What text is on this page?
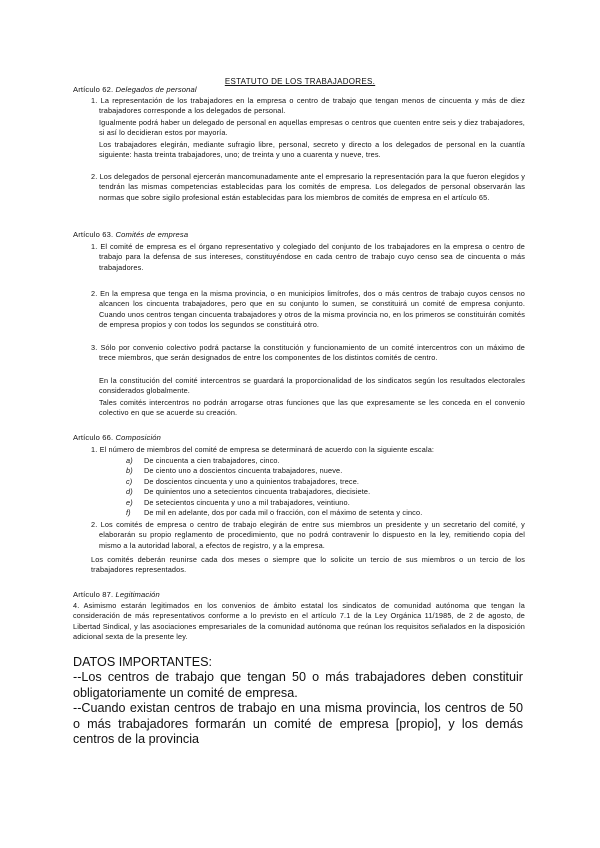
ESTATUTO DE LOS TRABAJADORES.
Artículo 62. Delegados de personal

1. La representación de los trabajadores en la empresa o centro de trabajo que tengan menos de cincuenta y más de diez trabajadores corresponde a los delegados de personal.

Igualmente podrá haber un delegado de personal en aquellas empresas o centros que cuenten entre seis y diez trabajadores, si así lo decidieran estos por mayoría.

Los trabajadores elegirán, mediante sufragio libre, personal, secreto y directo a los delegados de personal en la cuantía siguiente: hasta treinta trabajadores, uno; de treinta y uno a cuarenta y nueve, tres.

2. Los delegados de personal ejercerán mancomunadamente ante el empresario la representación para la que fueron elegidos y tendrán las mismas competencias establecidas para los comités de empresa. Los delegados de personal observarán las normas que sobre sigilo profesional están establecidas para los miembros de comités de empresa en el artículo 65.

Artículo 63. Comités de empresa

1. El comité de empresa es el órgano representativo y colegiado del conjunto de los trabajadores en la empresa o centro de trabajo para la defensa de sus intereses, constituyéndose en cada centro de trabajo cuyo censo sea de cincuenta o más trabajadores.

2. En la empresa que tenga en la misma provincia, o en municipios limítrofes, dos o más centros de trabajo cuyos censos no alcancen los cincuenta trabajadores, pero que en su conjunto lo sumen, se constituirá un comité de empresa conjunto. Cuando unos centros tengan cincuenta trabajadores y otros de la misma provincia no, en los primeros se constituirán comités de empresa propios y con todos los segundos se constituirá otro.

3. Sólo por convenio colectivo podrá pactarse la constitución y funcionamiento de un comité intercentros con un máximo de trece miembros, que serán designados de entre los componentes de los distintos comités de centro.

En la constitución del comité intercentros se guardará la proporcionalidad de los sindicatos según los resultados electorales considerados globalmente.

Tales comités intercentros no podrán arrogarse otras funciones que las que expresamente se les conceda en el convenio colectivo en que se acuerde su creación.

Artículo 66. Composición

1. El número de miembros del comité de empresa se determinará de acuerdo con la siguiente escala:

a)	De cincuenta a cien trabajadores, cinco.
b)	De ciento uno a doscientos cincuenta trabajadores, nueve.
c)	De doscientos cincuenta y uno a quinientos trabajadores, trece.
d)	De quinientos uno a setecientos cincuenta trabajadores, diecisiete.
e)	De setecientos cincuenta y uno a mil trabajadores, veintiuno.
f)	De mil en adelante, dos por cada mil o fracción, con el máximo de setenta y cinco.

2. Los comités de empresa o centro de trabajo elegirán de entre sus miembros un presidente y un secretario del comité, y elaborarán su propio reglamento de procedimiento, que no podrá contravenir lo dispuesto en la ley, remitiendo copia del mismo a la autoridad laboral, a efectos de registro, y a la empresa.

Los comités deberán reunirse cada dos meses o siempre que lo solicite un tercio de sus miembros o un tercio de los trabajadores representados.

Artículo 87. Legitimación

4. Asimismo estarán legitimados en los convenios de ámbito estatal los sindicatos de comunidad autónoma que tengan la consideración de más representativos conforme a lo previsto en el artículo 7.1 de la Ley Orgánica 11/1985, de 2 de agosto, de Libertad Sindical, y las asociaciones empresariales de la comunidad autónoma que reúnan los requisitos señalados en la disposición adicional sexta de la presente ley.

DATOS IMPORTANTES:

--Los centros de trabajo que tengan 50 o más trabajadores deben constituir obligatoriamente un comité de empresa.

--Cuando existan centros de trabajo en una misma provincia, los centros de 50 o más trabajadores formarán un comité de empresa [propio], y los demás centros de la provincia
